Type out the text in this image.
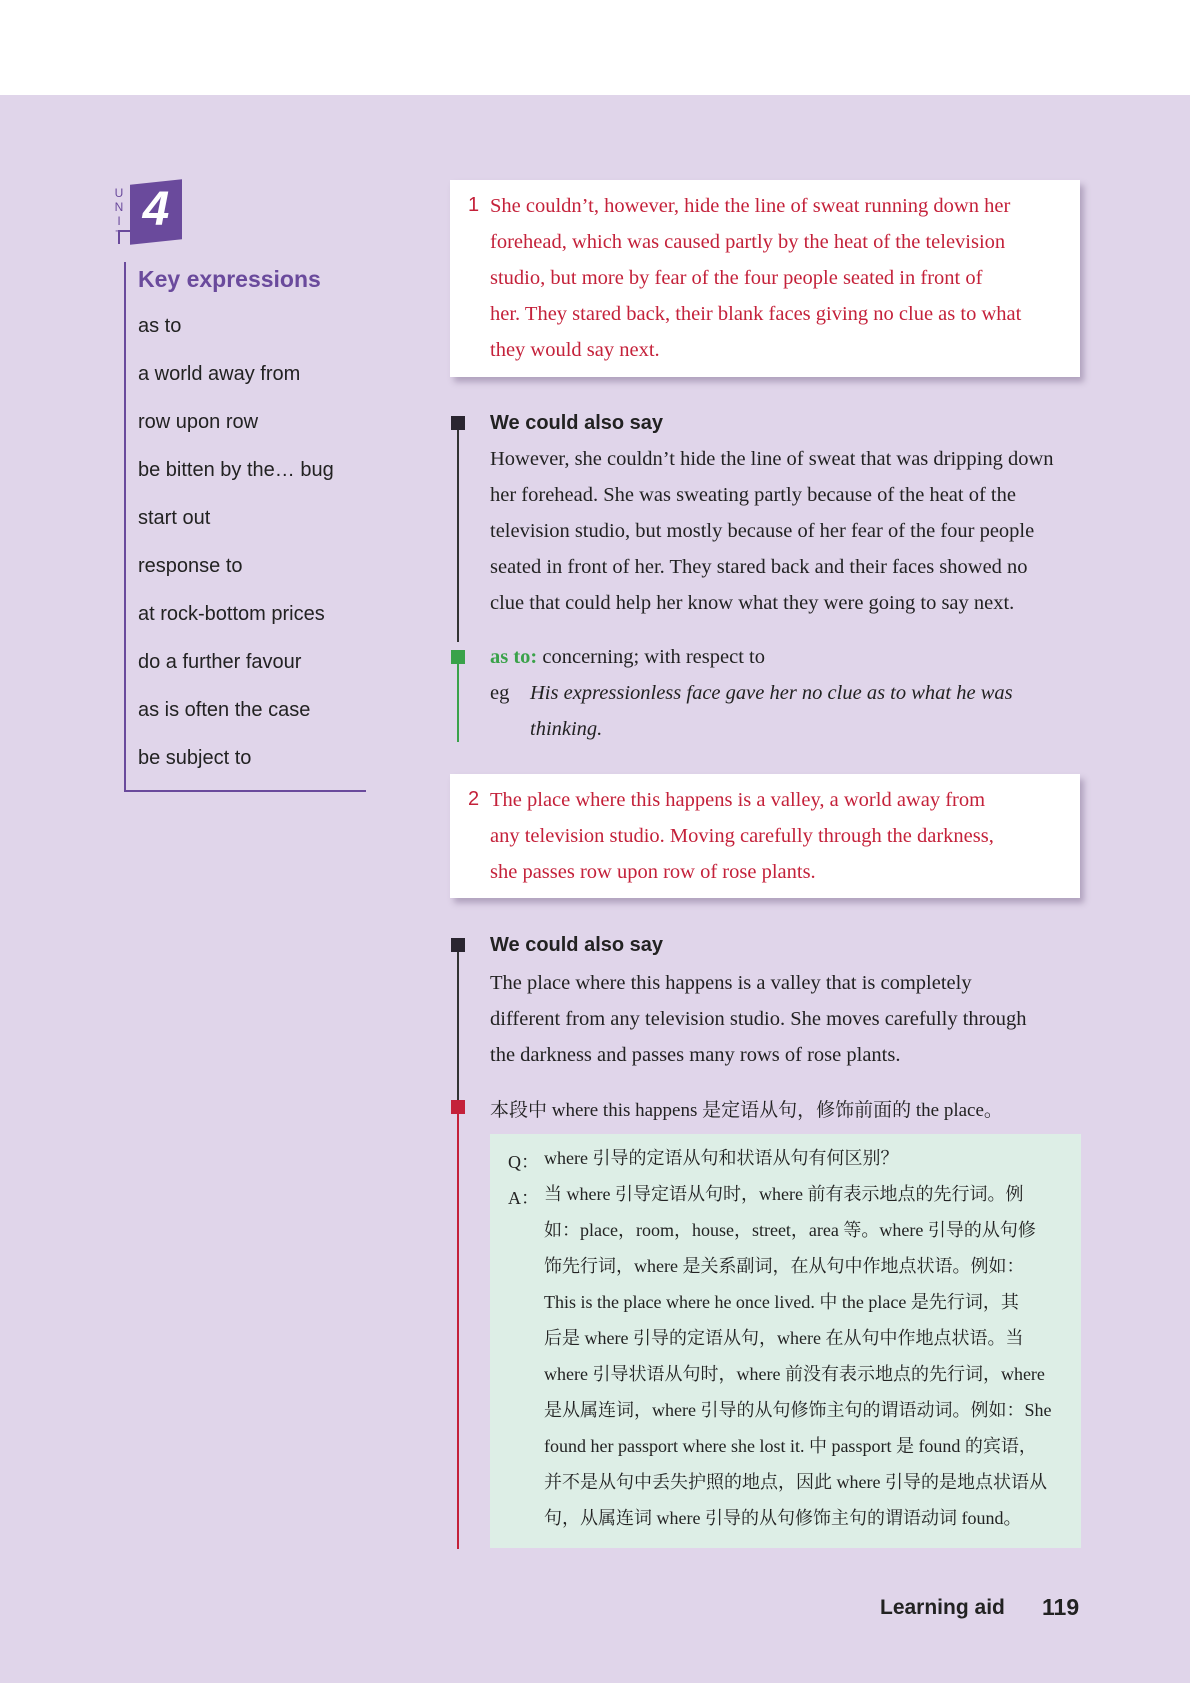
U
N
I
T 4
Key expressions
as to
a world away from
row upon row
be bitten by the… bug
start out
response to
at rock-bottom prices
do a further favour
as is often the case
be subject to
1 She couldn’t, however, hide the line of sweat running down her
forehead, which was caused partly by the heat of the television
studio, but more by fear of the four people seated in front of
her. They stared back, their blank faces giving no clue as to what
they would say next.
We could also say
However, she couldn’t hide the line of sweat that was dripping down
her forehead. She was sweating partly because of the heat of the
television studio, but mostly because of her fear of the four people
seated in front of her. They stared back and their faces showed no
clue that could help her know what they were going to say next.
as to: concerning; with respect to
eg His expressionless face gave her no clue as to what he was
thinking.
2 The place where this happens is a valley, a world away from
any television studio. Moving carefully through the darkness,
she passes row upon row of rose plants.
We could also say
The place where this happens is a valley that is completely
different from any television studio. She moves carefully through
the darkness and passes many rows of rose plants.
本段中 where this happens 是定语从句，修饰前面的 the place。
Q： where 引导的定语从句和状语从句有何区别？
A： 当 where 引导定语从句时，where 前有表示地点的先行词。例
如：place，room，house，street，area 等。where 引导的从句修
饰先行词，where 是关系副词，在从句中作地点状语。例如：
This is the place where he once lived. 中 the place 是先行词，其
后是 where 引导的定语从句，where 在从句中作地点状语。当
where 引导状语从句时，where 前没有表示地点的先行词，where
是从属连词，where 引导的从句修饰主句的谓语动词。例如：She
found her passport where she lost it. 中 passport 是 found 的宾语，
并不是从句中丢失护照的地点，因此 where 引导的是地点状语从
句，从属连词 where 引导的从句修饰主句的谓语动词 found。
Learning aid 119
